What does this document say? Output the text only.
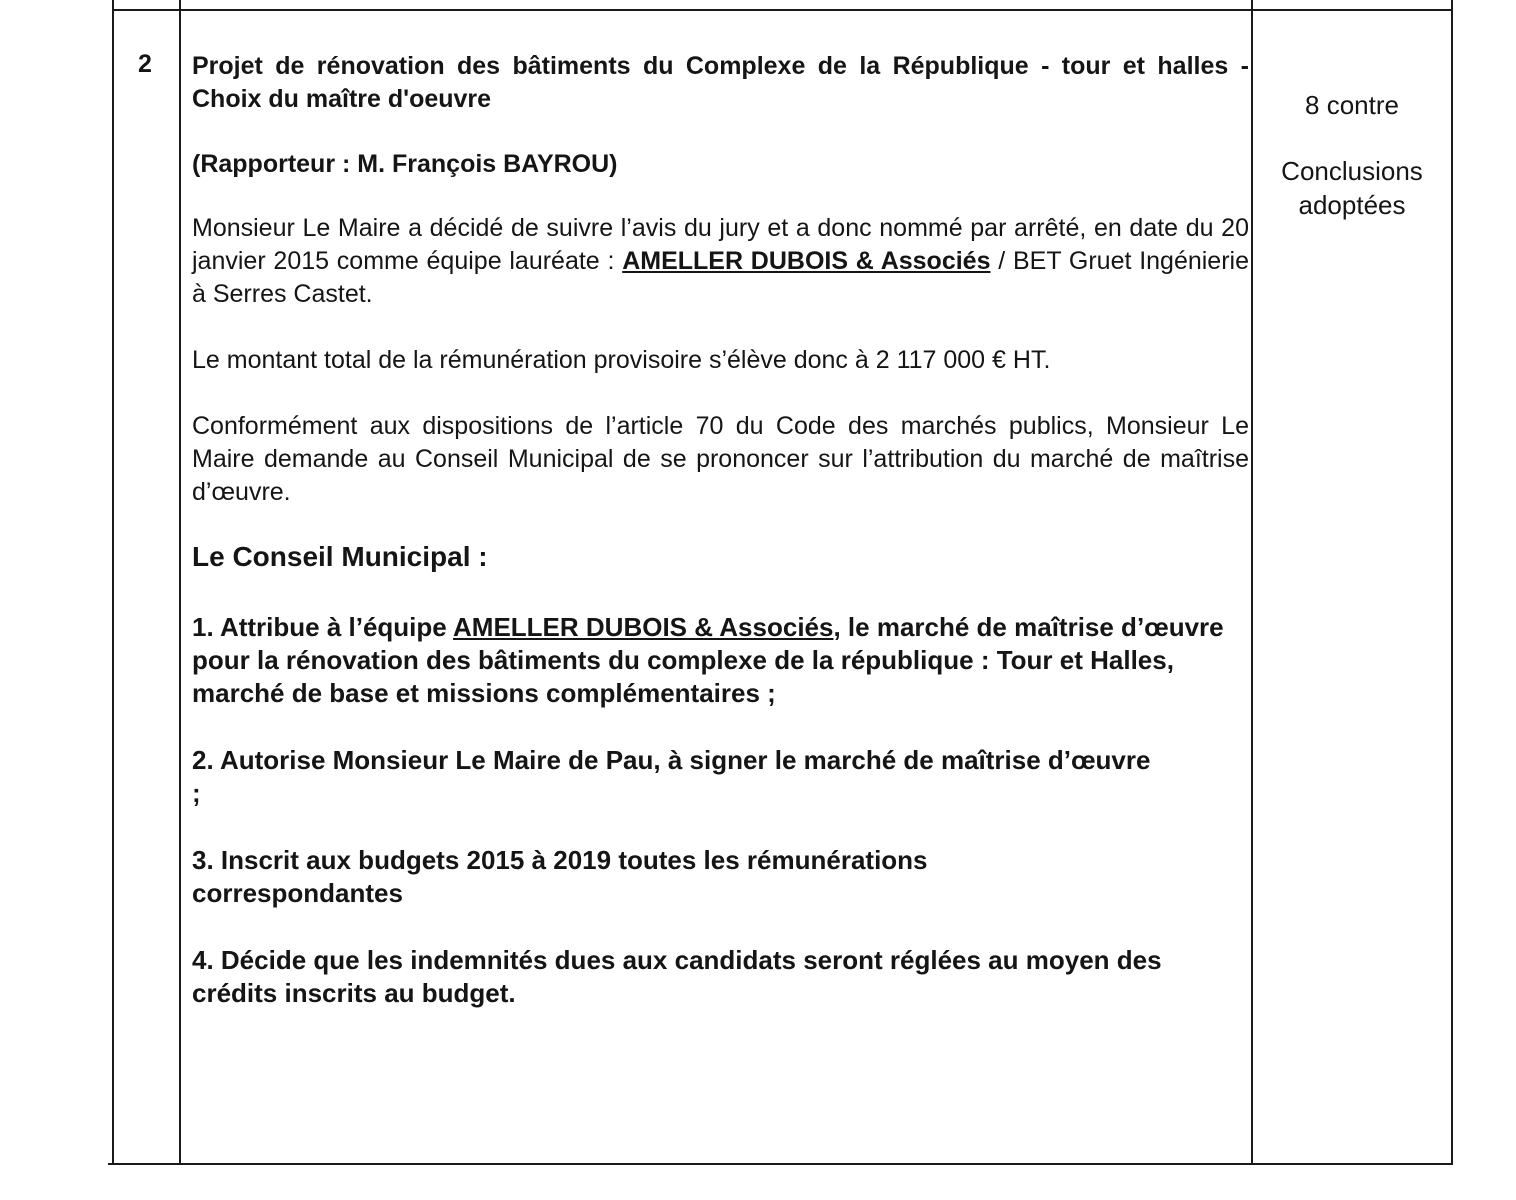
2 Projet de rénovation des bâtiments du Complexe de la République - tour et halles - Choix du maître d'oeuvre

(Rapporteur : M. François BAYROU)

Monsieur Le Maire a décidé de suivre l’avis du jury et a donc nommé par arrêté, en date du 20 janvier 2015 comme équipe lauréate : AMELLER DUBOIS & Associés / BET Gruet Ingénierie à Serres Castet.

Le montant total de la rémunération provisoire s’élève donc à 2 117 000 € HT.

Conformément aux dispositions de l’article 70 du Code des marchés publics, Monsieur Le Maire demande au Conseil Municipal de se prononcer sur l’attribution du marché de maîtrise d’œuvre.

Le Conseil Municipal :

1. Attribue à l’équipe AMELLER DUBOIS & Associés, le marché de maîtrise d’œuvre pour la rénovation des bâtiments du complexe de la république : Tour et Halles, marché de base et missions complémentaires ;

2. Autorise Monsieur Le Maire de Pau, à signer le marché de maîtrise d’œuvre ;

3. Inscrit aux budgets 2015 à 2019 toutes les rémunérations correspondantes

4. Décide que les indemnités dues aux candidats seront réglées au moyen des crédits inscrits au budget.

8 contre

Conclusions adoptées
